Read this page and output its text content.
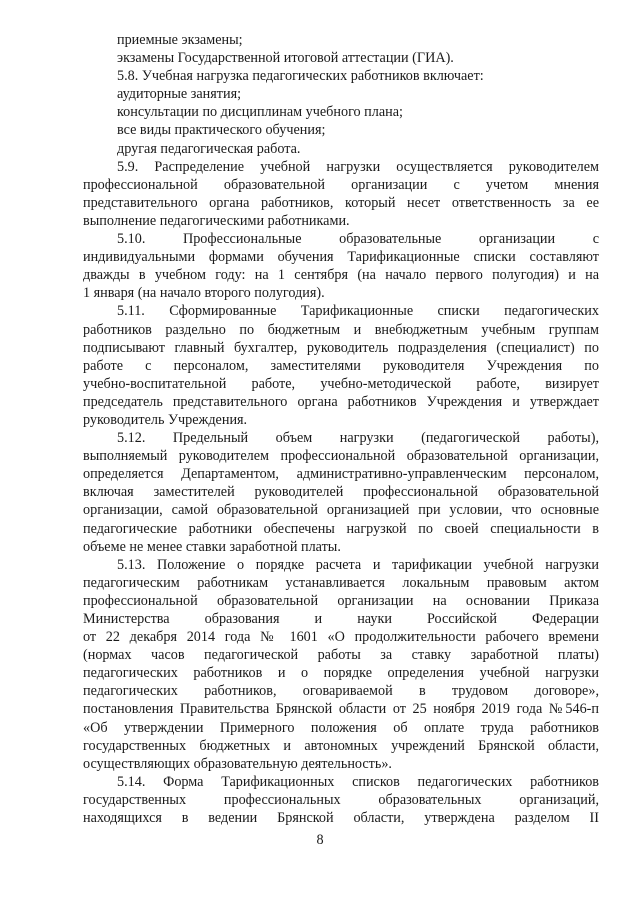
приемные экзамены;
экзамены Государственной итоговой аттестации (ГИА).
5.8. Учебная нагрузка педагогических работников включает:
аудиторные занятия;
консультации по дисциплинам учебного плана;
все виды практического обучения;
другая педагогическая работа.
5.9. Распределение учебной нагрузки осуществляется руководителем
профессиональной образовательной организации с учетом мнения
представительного органа работников, который несет ответственность за ее
выполнение педагогическими работниками.
5.10. Профессиональные образовательные организации с
индивидуальными формами обучения Тарификационные списки составляют
дважды в учебном году: на 1 сентября (на начало первого полугодия) и на
1 января (на начало второго полугодия).
5.11. Сформированные Тарификационные списки педагогических
работников раздельно по бюджетным и внебюджетным учебным группам
подписывают главный бухгалтер, руководитель подразделения (специалист) по
работе с персоналом, заместителями руководителя Учреждения по
учебно-воспитательной работе, учебно-методической работе, визирует
председатель представительного органа работников Учреждения и утверждает
руководитель Учреждения.
5.12. Предельный объем нагрузки (педагогической работы),
выполняемый руководителем профессиональной образовательной организации,
определяется Департаментом, административно-управленческим персоналом,
включая заместителей руководителей профессиональной образовательной
организации, самой образовательной организацией при условии, что основные
педагогические работники обеспечены нагрузкой по своей специальности в
объеме не менее ставки заработной платы.
5.13. Положение о порядке расчета и тарификации учебной нагрузки
педагогическим работникам устанавливается локальным правовым актом
профессиональной образовательной организации на основании Приказа
Министерства образования и науки Российской Федерации
от 22 декабря 2014 года № 1601 «О продолжительности рабочего времени
(нормах часов педагогической работы за ставку заработной платы)
педагогических работников и о порядке определения учебной нагрузки
педагогических работников, оговариваемой в трудовом договоре»,
постановления Правительства Брянской области от 25 ноября 2019 года №546-п
«Об утверждении Примерного положения об оплате труда работников
государственных бюджетных и автономных учреждений Брянской области,
осуществляющих образовательную деятельность».
5.14. Форма Тарификационных списков педагогических работников
государственных профессиональных образовательных организаций,
находящихся в ведении Брянской области, утверждена разделом II
8
